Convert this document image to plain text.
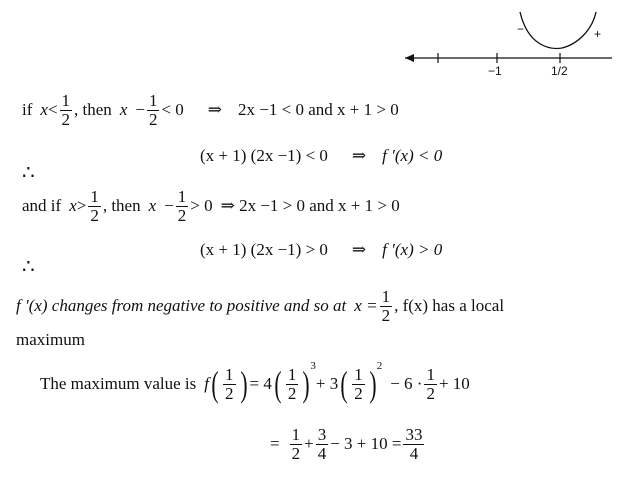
−	+
−1	1/2
if $x < \frac{1}{2}$ , then $x - \frac{1}{2} < 0$ ⇒ 2x −1 < 0 and x + 1 > 0
∴
(x + 1) (2x −1) < 0 ⇒ f ′(x) < 0
and if $x > \frac{1}{2}$ , then $x - \frac{1}{2} > 0$ ⇒ 2x −1 > 0 and x + 1 > 0
∴
(x + 1) (2x −1) > 0 ⇒ f ′(x) > 0
f ′(x) changes from negative to positive and so at $x = \frac{1}{2}$ , f(x) has a local
maximum
The maximum value is f ( $\frac{1}{2}$ ) = 4 ( $\frac{1}{2}$ ) 3
+ 3 ( $\frac{1}{2}$ ) 2
− $6 \cdot \frac{1}{2} + 10$
= $\frac{1}{2} + \frac{3}{4} - 3 + 10 = \frac{33}{4}$
